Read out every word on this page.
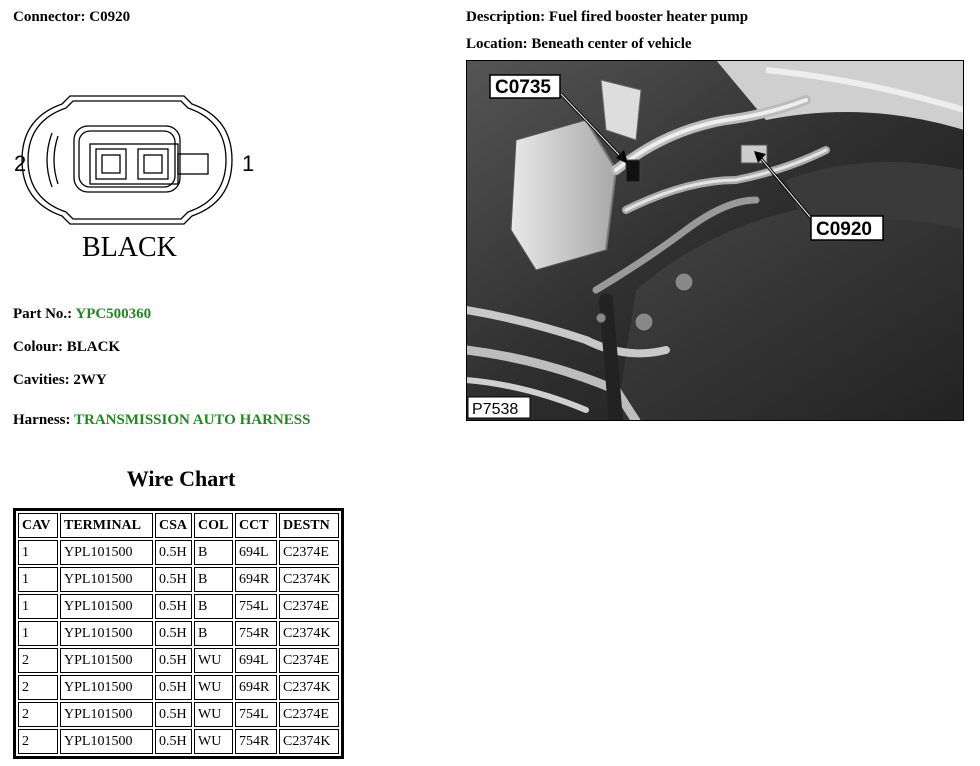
Connector: C0920	Description: Fuel fired booster heater pump
Location: Beneath center of vehicle
2	1
BLACK
Part No.: YPC500360
Colour: BLACK
Cavities: 2WY
Harness: TRANSMISSION AUTO HARNESS
C0735
C0920
P7538
Wire Chart
CAV	TERMINAL	CSA	COL	CCT	DESTN
1	YPL101500	0.5H	B	694L	C2374E
1	YPL101500	0.5H	B	694R	C2374K
1	YPL101500	0.5H	B	754L	C2374E
1	YPL101500	0.5H	B	754R	C2374K
2	YPL101500	0.5H	WU	694L	C2374E
2	YPL101500	0.5H	WU	694R	C2374K
2	YPL101500	0.5H	WU	754L	C2374E
2	YPL101500	0.5H	WU	754R	C2374K
